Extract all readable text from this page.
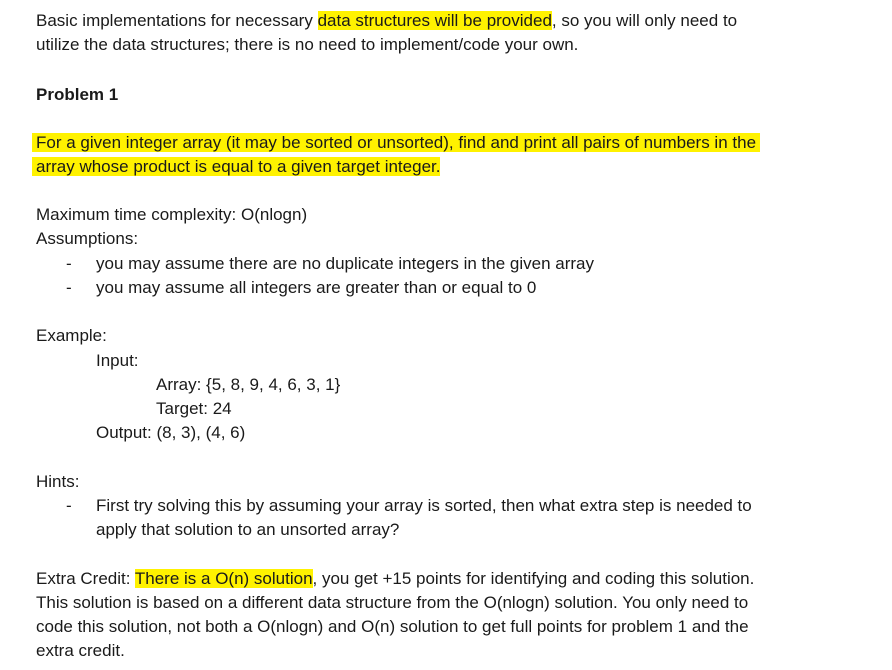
Basic implementations for necessary data structures will be provided, so you will only need to
utilize the data structures; there is no need to implement/code your own.
Problem 1
For a given integer array (it may be sorted or unsorted), find and print all pairs of numbers in the
array whose product is equal to a given target integer.
Maximum time complexity: O(nlogn)
Assumptions:
- you may assume there are no duplicate integers in the given array
- you may assume all integers are greater than or equal to 0
Example:
Input:
Array: {5, 8, 9, 4, 6, 3, 1}
Target: 24
Output: (8, 3), (4, 6)
Hints:
- First try solving this by assuming your array is sorted, then what extra step is needed to
apply that solution to an unsorted array?
Extra Credit: There is a O(n) solution, you get +15 points for identifying and coding this solution.
This solution is based on a different data structure from the O(nlogn) solution. You only need to
code this solution, not both a O(nlogn) and O(n) solution to get full points for problem 1 and the
extra credit.
